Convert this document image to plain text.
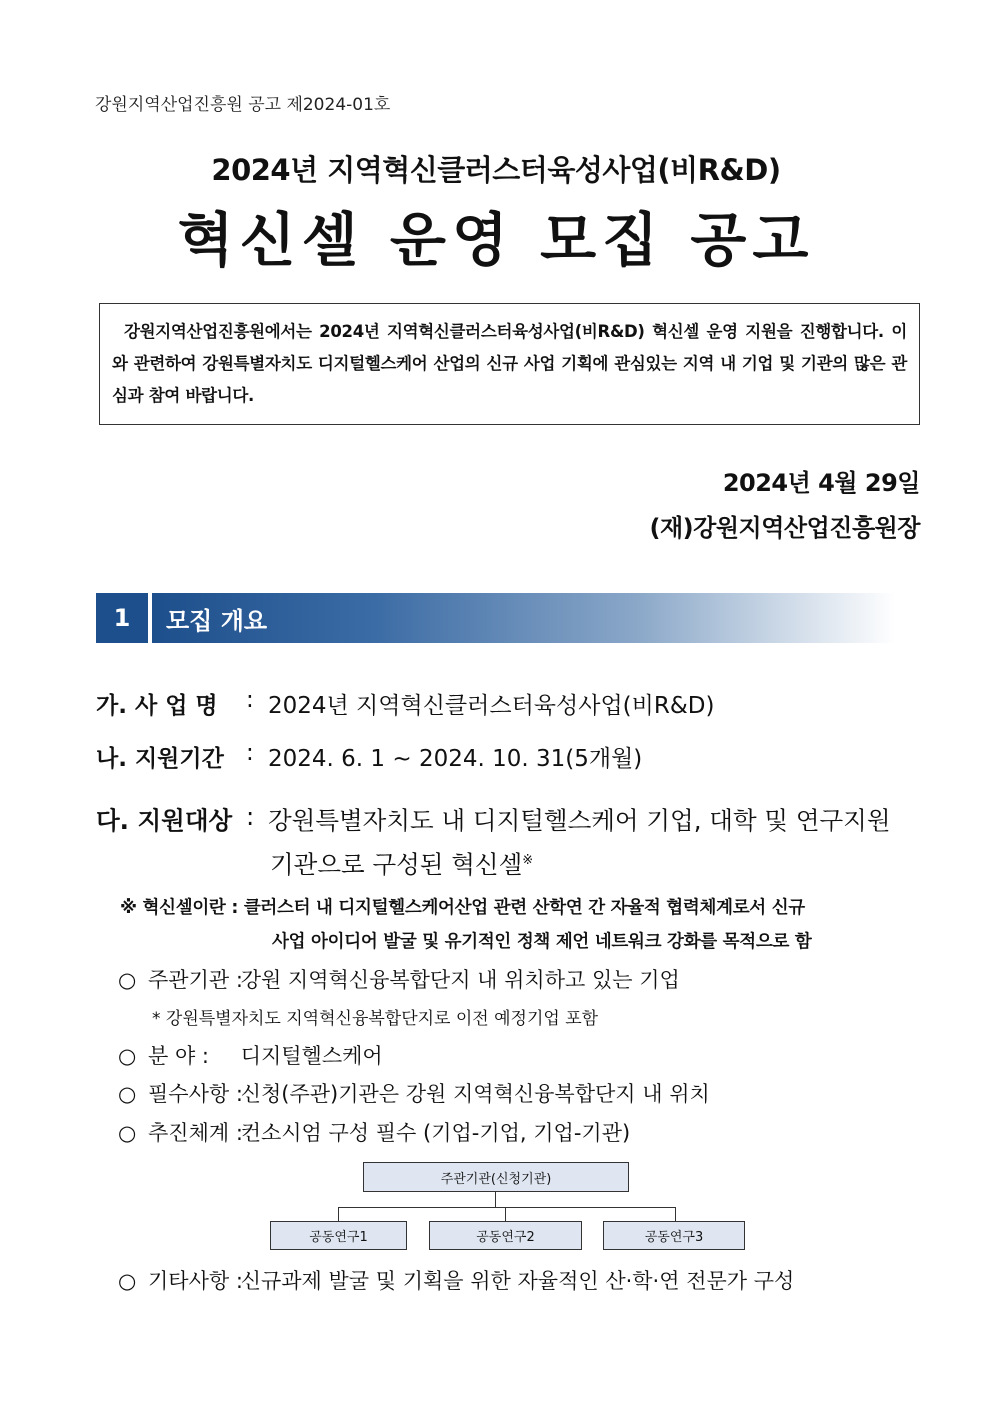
강원지역산업진흥원 공고 제2024-01호
2024년 지역혁신클러스터육성사업(비R&D)
혁신셀 운영 모집 공고
강원지역산업진흥원에서는 2024년 지역혁신클러스터육성사업(비R&D) 혁신셀 운영 지원을 진행합니다. 이와 관련하여 강원특별자치도 디지털헬스케어 산업의 신규 사업 기획에 관심있는 지역 내 기업 및 기관의 많은 관심과 참여 바랍니다.
2024년 4월 29일
(재)강원지역산업진흥원장
1	모집 개요
가. 사 업 명	: 2024년 지역혁신클러스터육성사업(비R&D)
나. 지원기간 : 2024. 6. 1 ~ 2024. 10. 31(5개월)
다. 지원대상 : 강원특별자치도 내 디지털헬스케어 기업, 대학 및 연구지원
기관으로 구성된 혁신셀※
※ 혁신셀이란 : 클러스터 내 디지털헬스케어산업 관련 산학연 간 자율적 협력체계로서 신규
사업 아이디어 발굴 및 유기적인 정책 제언 네트워크 강화를 목적으로 함
○ 주관기관 : 강원 지역혁신융복합단지 내 위치하고 있는 기업
* 강원특별자치도 지역혁신융복합단지로 이전 예정기업 포함
○ 분 야 : 디지털헬스케어
○ 필수사항 : 신청(주관)기관은 강원 지역혁신융복합단지 내 위치
○ 추진체계 : 컨소시엄 구성 필수 (기업-기업, 기업-기관)
주관기관(신청기관)
공동연구1	공동연구2	공동연구3
○ 기타사항 : 신규과제 발굴 및 기획을 위한 자율적인 산·학·연 전문가 구성
